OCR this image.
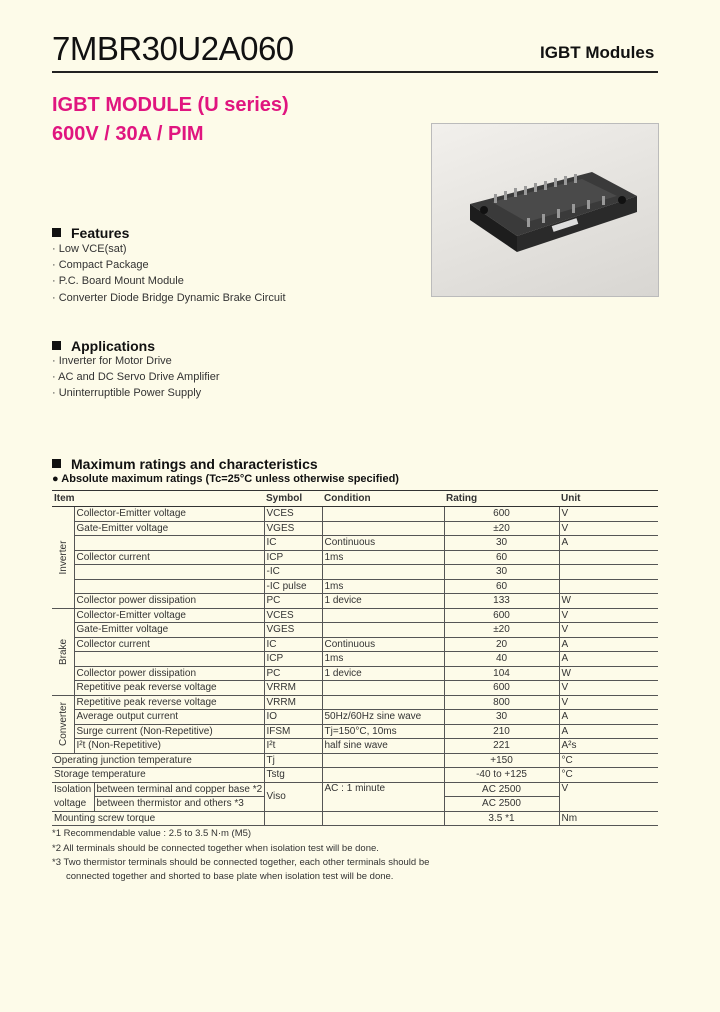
7MBR30U2A060	IGBT Modules
IGBT MODULE (U series)
600V / 30A / PIM
Features
· Low VCE(sat)
· Compact Package
· P.C. Board Mount Module
· Converter Diode Bridge Dynamic Brake Circuit
Applications
· Inverter for Motor Drive
· AC and DC Servo Drive Amplifier
· Uninterruptible Power Supply
Maximum ratings and characteristics
● Absolute maximum ratings (Tc=25°C unless otherwise specified)
Item			Symbol	Condition	Rating	Unit
Inverter	Collector-Emitter voltage		VCES		600	V
	Gate-Emitter voltage		VGES		±20	V
			IC	Continuous	30	A
	Collector current		ICP	1ms	60	
			-IC		30	
			-IC pulse	1ms	60	
	Collector power dissipation		PC	1 device	133	W
Brake	Collector-Emitter voltage		VCES		600	V
	Gate-Emitter voltage		VGES		±20	V
	Collector current		IC	Continuous	20	A
			ICP	1ms	40	A
	Collector power dissipation		PC	1 device	104	W
	Repetitive peak reverse voltage		VRRM		600	V
Converter	Repetitive peak reverse voltage		VRRM		800	V
	Average output current		IO	50Hz/60Hz sine wave	30	A
	Surge current (Non-Repetitive)		IFSM	Tj=150°C, 10ms	210	A
	I²t (Non-Repetitive)		I²t	half sine wave	221	A²s
Operating junction temperature			Tj		+150	°C
Storage temperature			Tstg		-40 to +125	°C
Isolation
voltage		between terminal and copper base *2	Viso	AC : 1 minute	AC 2500	V
		between thermistor and others *3			AC 2500	
Mounting screw torque					3.5 *1	Nm
*1 Recommendable value : 2.5 to 3.5 N·m (M5)
*2 All terminals should be connected together when isolation test will be done.
*3 Two thermistor terminals should be connected together, each other terminals should be
connected together and shorted to base plate when isolation test will be done.
